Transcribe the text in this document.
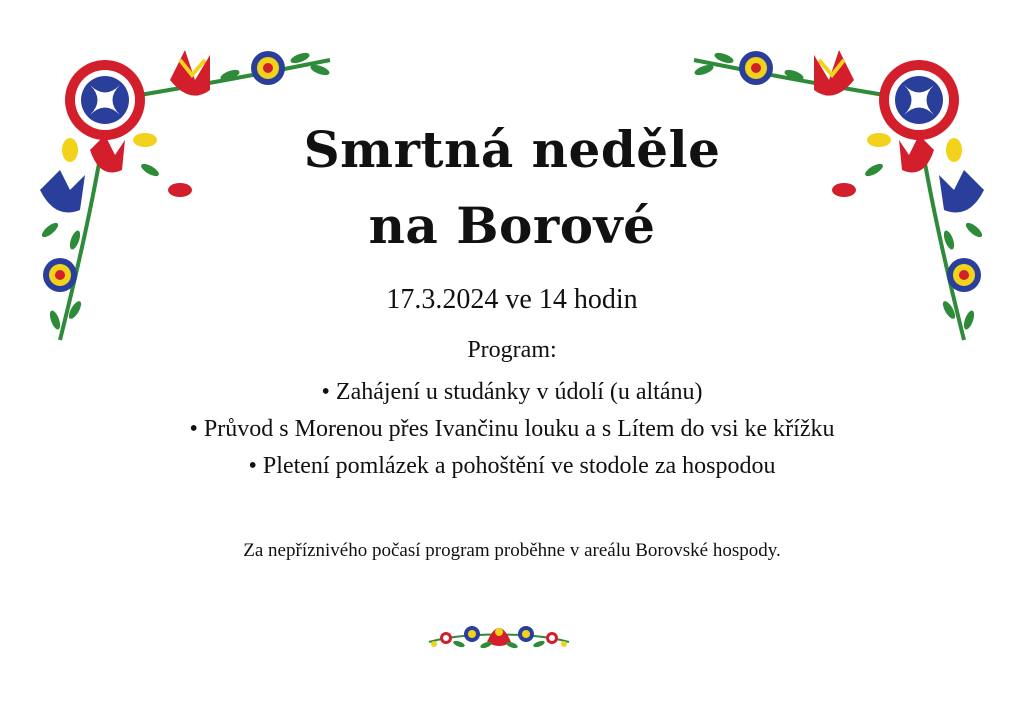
Smrtná neděle
na Borové
17.3.2024 ve 14 hodin
Program:
• Zahájení u studánky v údolí (u altánu)
• Průvod s Morenou přes Ivančinu louku a s Lítem do vsi ke křížku
• Pletení pomlázek a pohoštění ve stodole za hospodou
Za nepříznivého počasí program proběhne v areálu Borovské hospody.
